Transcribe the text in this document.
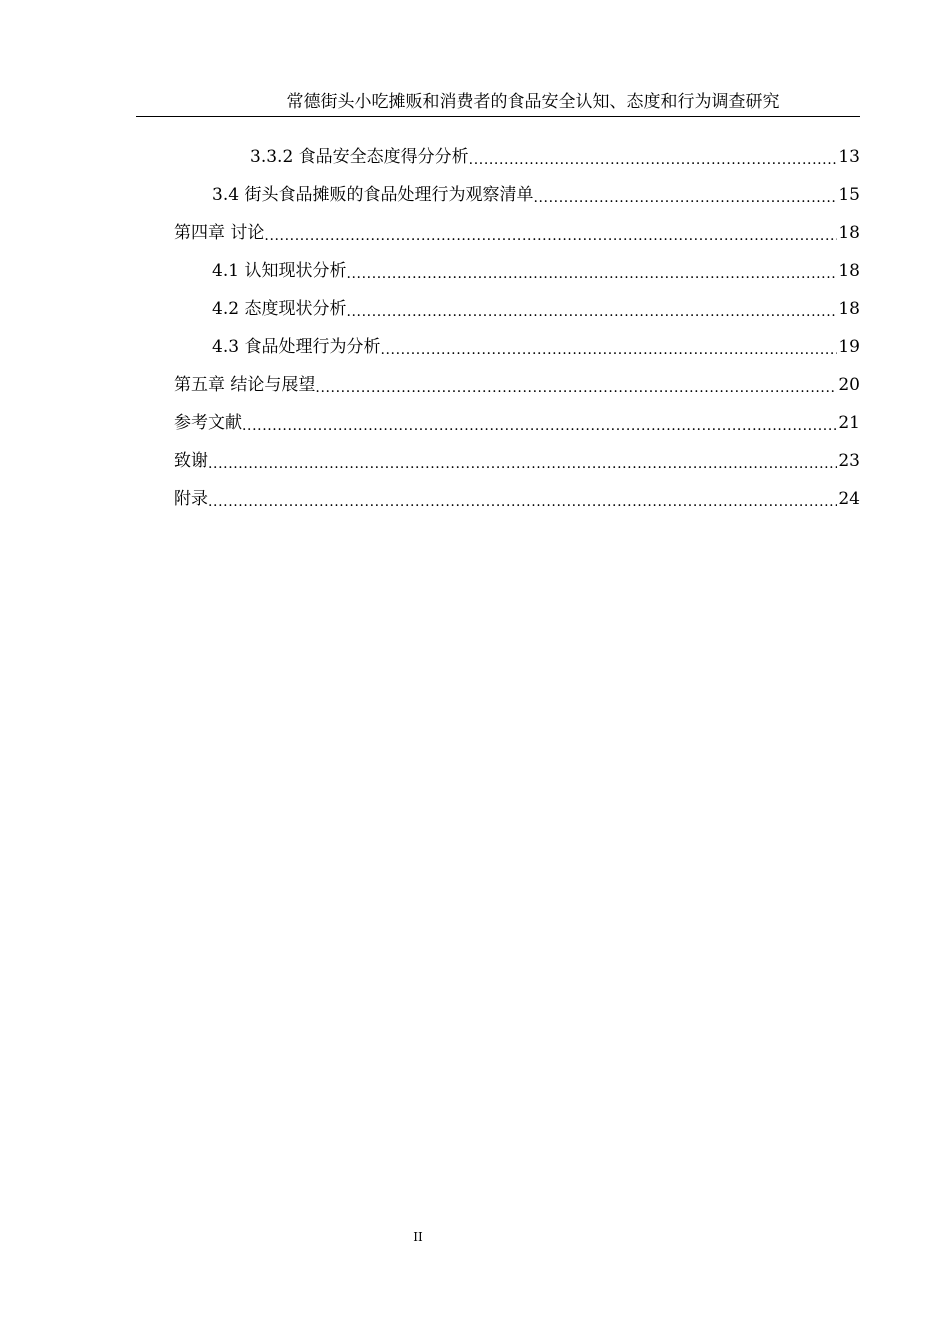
常德街头小吃摊贩和消费者的食品安全认知、态度和行为调查研究
3.3.2 食品安全态度得分分析 .....	13
3.4 街头食品摊贩的食品处理行为观察清单 .....	15
第四章 讨论 .....	18
4.1 认知现状分析 .....	18
4.2 态度现状分析 .....	18
4.3 食品处理行为分析 .....	19
第五章 结论与展望 .....	20
参考文献 .....	21
致谢 .....	23
附录 .....	24
II
